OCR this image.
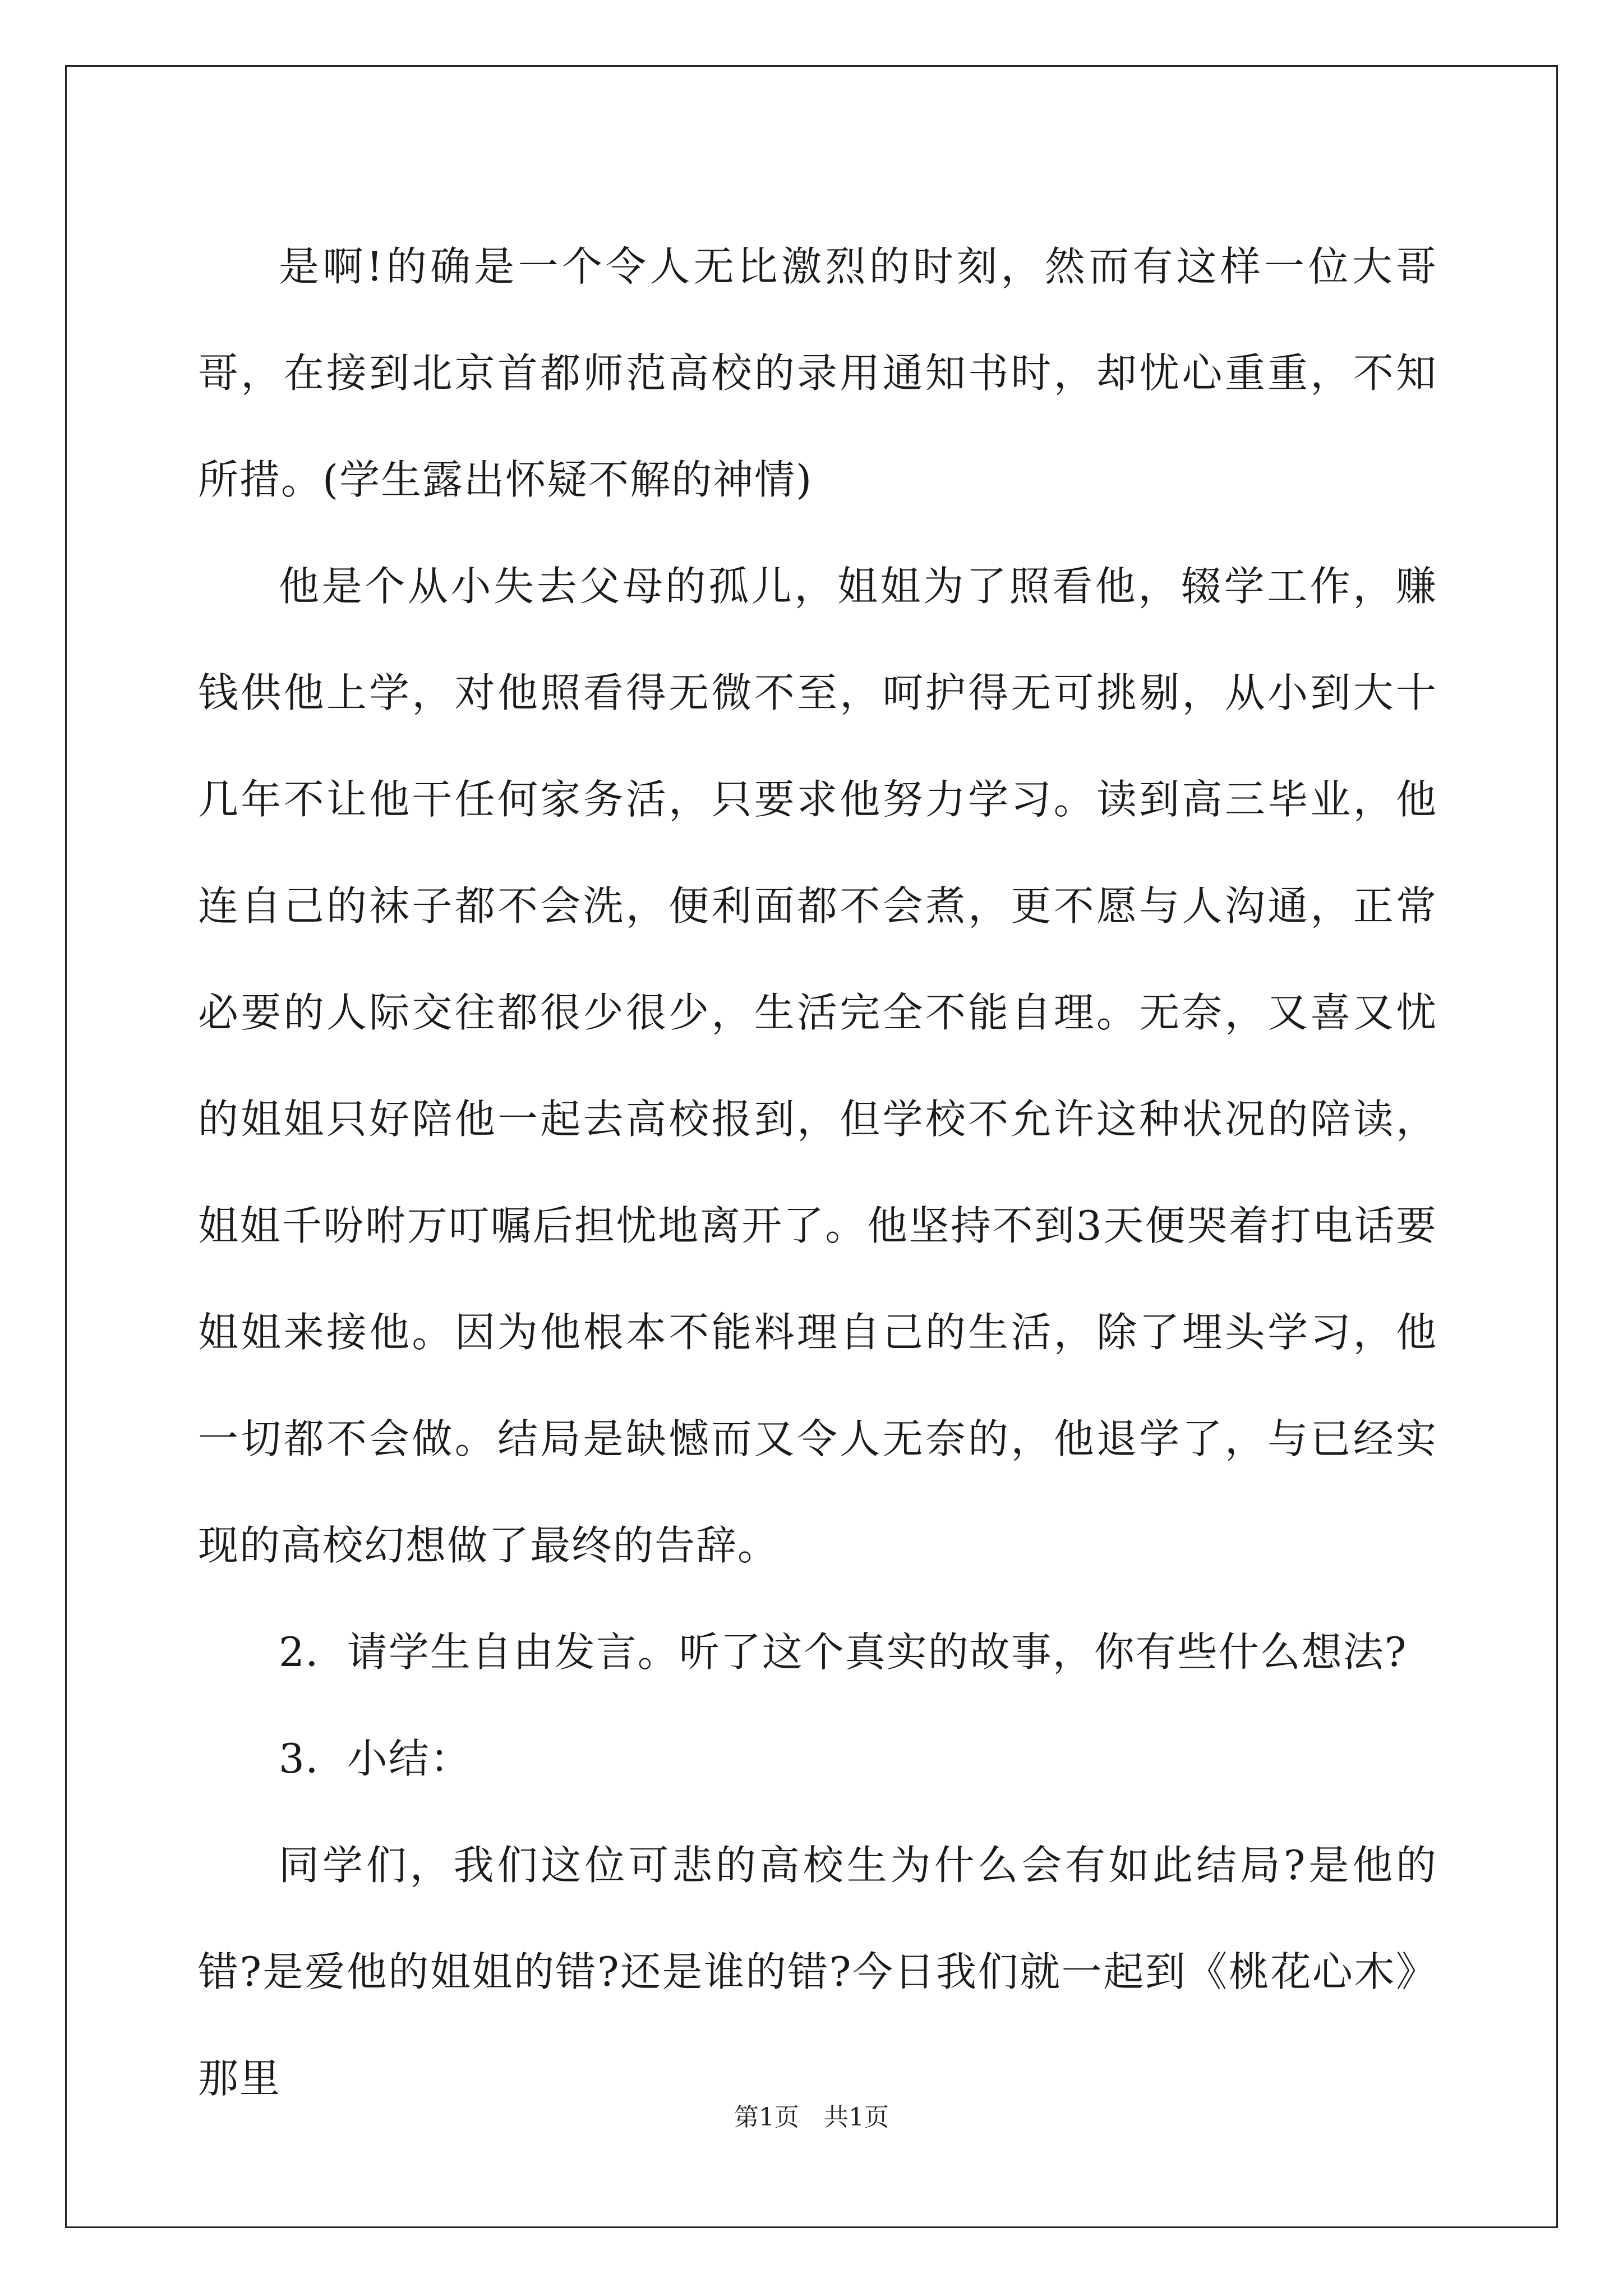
是啊!的确是一个令人无比激烈的时刻，然而有这样一位大哥哥，在接到北京首都师范高校的录用通知书时，却忧心重重，不知所措。(学生露出怀疑不解的神情)

他是个从小失去父母的孤儿，姐姐为了照看他，辍学工作，赚钱供他上学，对他照看得无微不至，呵护得无可挑剔，从小到大十几年不让他干任何家务活，只要求他努力学习。读到高三毕业，他连自己的袜子都不会洗，便利面都不会煮，更不愿与人沟通，正常必要的人际交往都很少很少，生活完全不能自理。无奈，又喜又忧的姐姐只好陪他一起去高校报到，但学校不允许这种状况的陪读，姐姐千吩咐万叮嘱后担忧地离开了。他坚持不到3天便哭着打电话要姐姐来接他。因为他根本不能料理自己的生活，除了埋头学习，他一切都不会做。结局是缺憾而又令人无奈的，他退学了，与已经实现的高校幻想做了最终的告辞。

2．请学生自由发言。听了这个真实的故事，你有些什么想法?

3．小结：

同学们，我们这位可悲的高校生为什么会有如此结局?是他的错?是爱他的姐姐的错?还是谁的错?今日我们就一起到《桃花心木》那里

第1页　共1页
